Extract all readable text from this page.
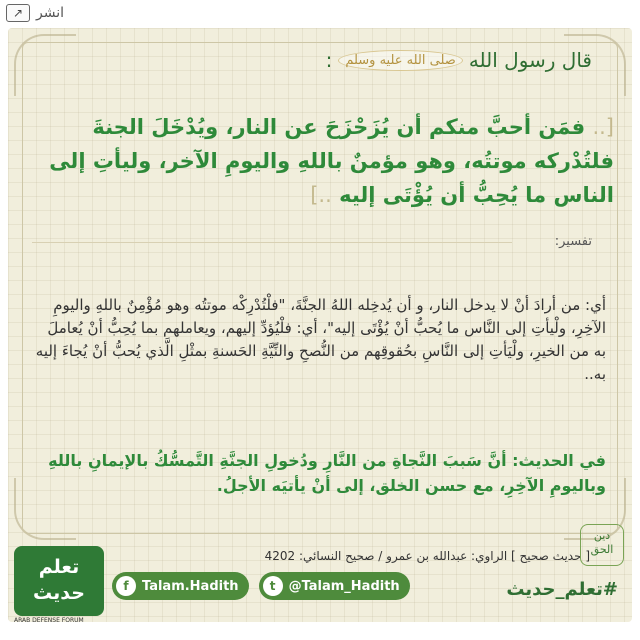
↗ انشر
قال رسول الله
صلى الله عليه وسلم
:
[.. فمَن أحبَّ منكم أن يُزَحْزَحَ عن النار، ويُدْخَلَ الجنةَ فلتُدْركه موتتُه، وهو مؤمنٌ باللهِ واليومِ الآخر، وليأتِ إلى الناس ما يُحِبُّ أن يُؤْتَى إليه ..]
تفسير:
أي: من أرادَ أنْ لا يدخل النار، و أن يُدخِله اللهُ الجنَّةَ، "فلْتُدْرِكْه موتتُه وهو مُؤْمِنٌ باللهِ واليومِ الآخِرِ، ولْيأتِ إلى النَّاس ما يُحبُّ أنْ يُؤْتَى إليه"، أي: فلْيُؤدِّ إليهم، ويعاملهم بما يُحِبُّ أنْ يُعاملَ به من الخيرِ، ولْيَأتِ إلى النَّاسِ بحُقوقِهم من النُّصحِ والنِّيَّةِ الحَسنةِ بمثْلِ الَّذي يُحبُّ أنْ يُجاءَ إليه به..
في الحديث: أنَّ سَببَ النَّجاةِ من النَّارِ ودُخولِ الجنَّةِ التَّمسُّكُ بالإيمانِ باللهِ وباليومِ الآخِرِ، مع حسن الخلق، إلى أنْ يأتيَه الأجلُ.
[ حديث صحيح ] الراوي: عبدالله بن عمرو / صحيح النسائي: 4202
تعلم حديث
ARAB DEFENSE FORUM
f	Talam.Hadith	t	@Talam_Hadith	#تعلم_حديث
دين الحق
